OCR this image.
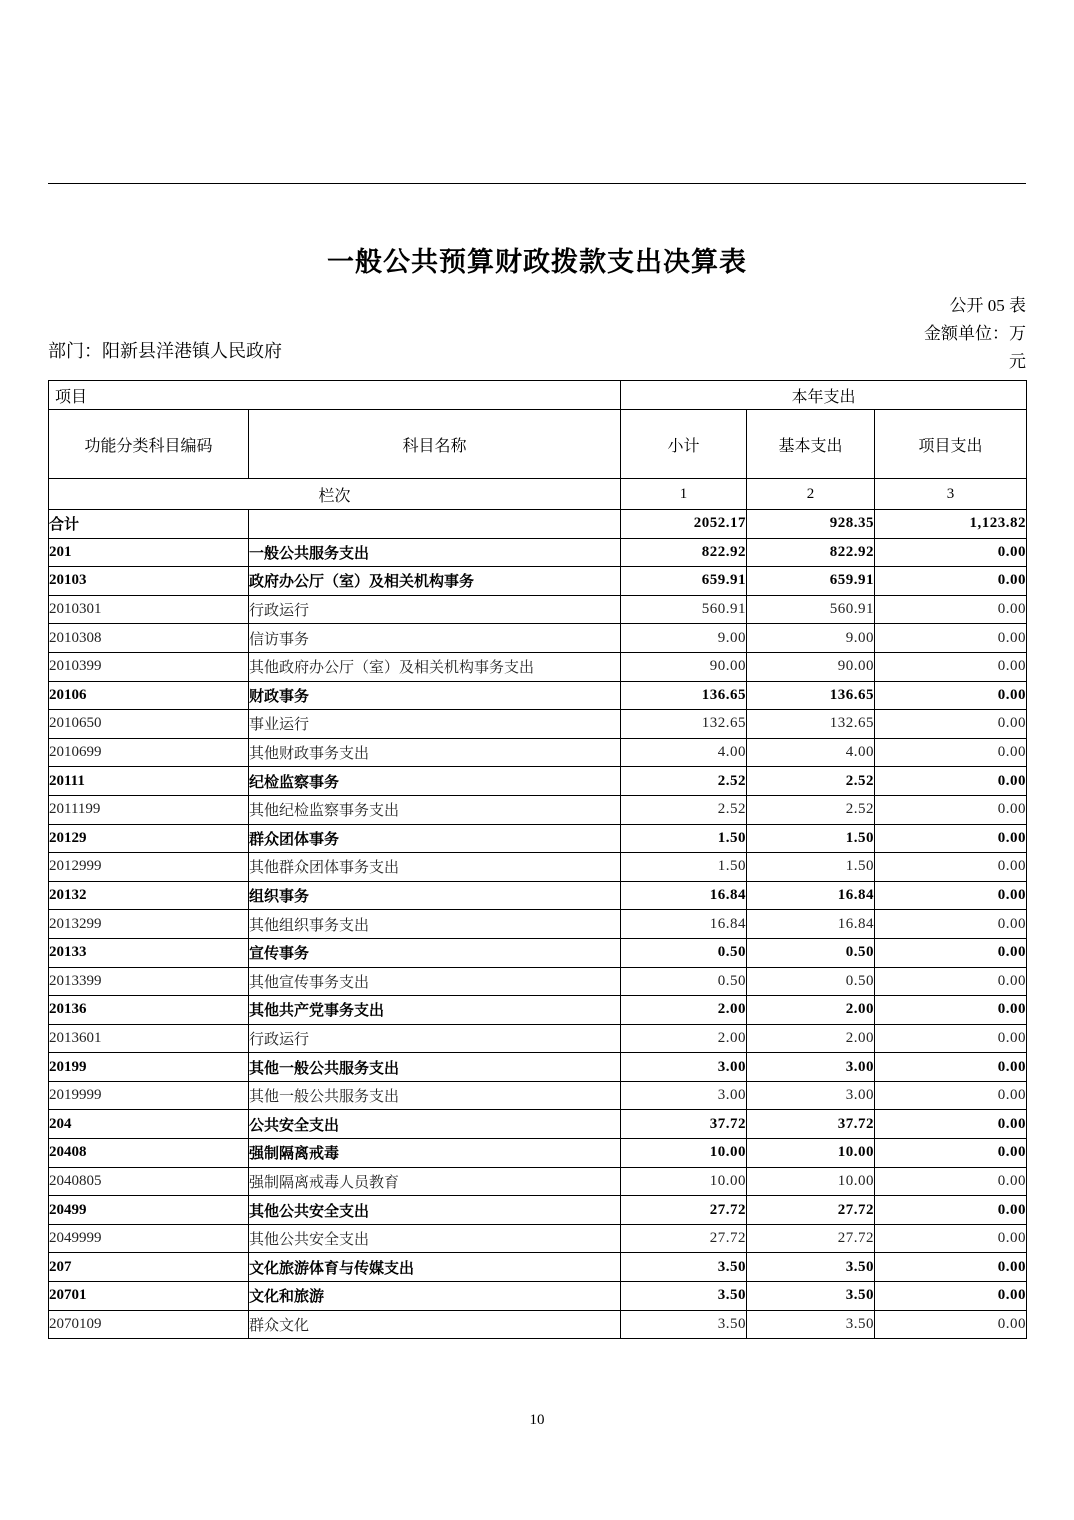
一般公共预算财政拨款支出决算表
公开 05 表
金额单位：万
元
部门：阳新县洋港镇人民政府
项目		本年支出		
功能分类科目编码	科目名称	小计	基本支出	项目支出
栏次		1	2	3
合计		2052.17	928.35	1,123.82
201	一般公共服务支出	822.92	822.92	0.00
20103	政府办公厅（室）及相关机构事务	659.91	659.91	0.00
2010301	行政运行	560.91	560.91	0.00
2010308	信访事务	9.00	9.00	0.00
2010399	其他政府办公厅（室）及相关机构事务支出	90.00	90.00	0.00
20106	财政事务	136.65	136.65	0.00
2010650	事业运行	132.65	132.65	0.00
2010699	其他财政事务支出	4.00	4.00	0.00
20111	纪检监察事务	2.52	2.52	0.00
2011199	其他纪检监察事务支出	2.52	2.52	0.00
20129	群众团体事务	1.50	1.50	0.00
2012999	其他群众团体事务支出	1.50	1.50	0.00
20132	组织事务	16.84	16.84	0.00
2013299	其他组织事务支出	16.84	16.84	0.00
20133	宣传事务	0.50	0.50	0.00
2013399	其他宣传事务支出	0.50	0.50	0.00
20136	其他共产党事务支出	2.00	2.00	0.00
2013601	行政运行	2.00	2.00	0.00
20199	其他一般公共服务支出	3.00	3.00	0.00
2019999	其他一般公共服务支出	3.00	3.00	0.00
204	公共安全支出	37.72	37.72	0.00
20408	强制隔离戒毒	10.00	10.00	0.00
2040805	强制隔离戒毒人员教育	10.00	10.00	0.00
20499	其他公共安全支出	27.72	27.72	0.00
2049999	其他公共安全支出	27.72	27.72	0.00
207	文化旅游体育与传媒支出	3.50	3.50	0.00
20701	文化和旅游	3.50	3.50	0.00
2070109	群众文化	3.50	3.50	0.00
10
